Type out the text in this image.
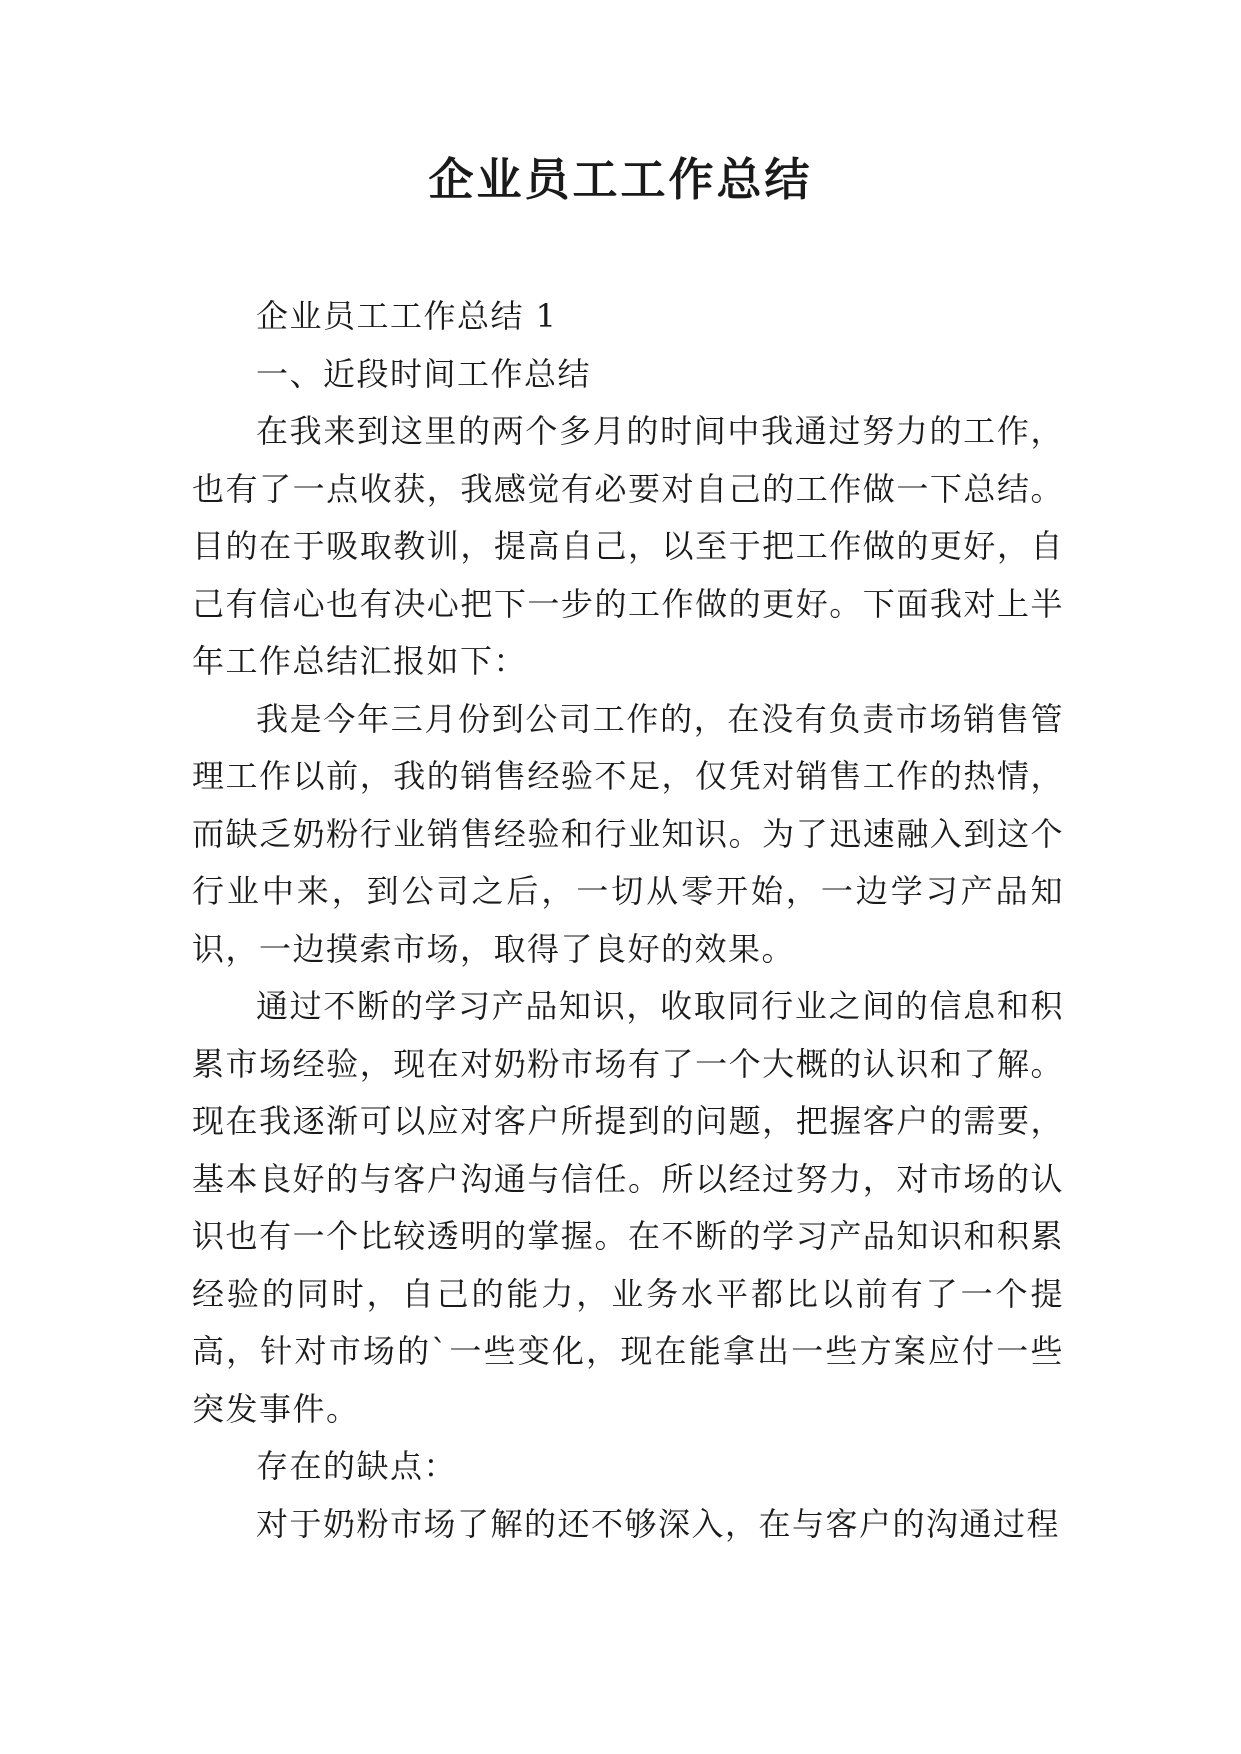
企业员工工作总结

企业员工工作总结 1

一、近段时间工作总结

在我来到这里的两个多月的时间中我通过努力的工作，也有了一点收获，我感觉有必要对自己的工作做一下总结。目的在于吸取教训，提高自己，以至于把工作做的更好，自己有信心也有决心把下一步的工作做的更好。下面我对上半年工作总结汇报如下：

我是今年三月份到公司工作的，在没有负责市场销售管理工作以前，我的销售经验不足，仅凭对销售工作的热情，而缺乏奶粉行业销售经验和行业知识。为了迅速融入到这个行业中来，到公司之后，一切从零开始，一边学习产品知识，一边摸索市场，取得了良好的效果。

通过不断的学习产品知识，收取同行业之间的信息和积累市场经验，现在对奶粉市场有了一个大概的认识和了解。现在我逐渐可以应对客户所提到的问题，把握客户的需要，基本良好的与客户沟通与信任。所以经过努力，对市场的认识也有一个比较透明的掌握。在不断的学习产品知识和积累经验的同时，自己的能力，业务水平都比以前有了一个提高，针对市场的`一些变化，现在能拿出一些方案应付一些突发事件。

存在的缺点：

对于奶粉市场了解的还不够深入，在与客户的沟通过程
